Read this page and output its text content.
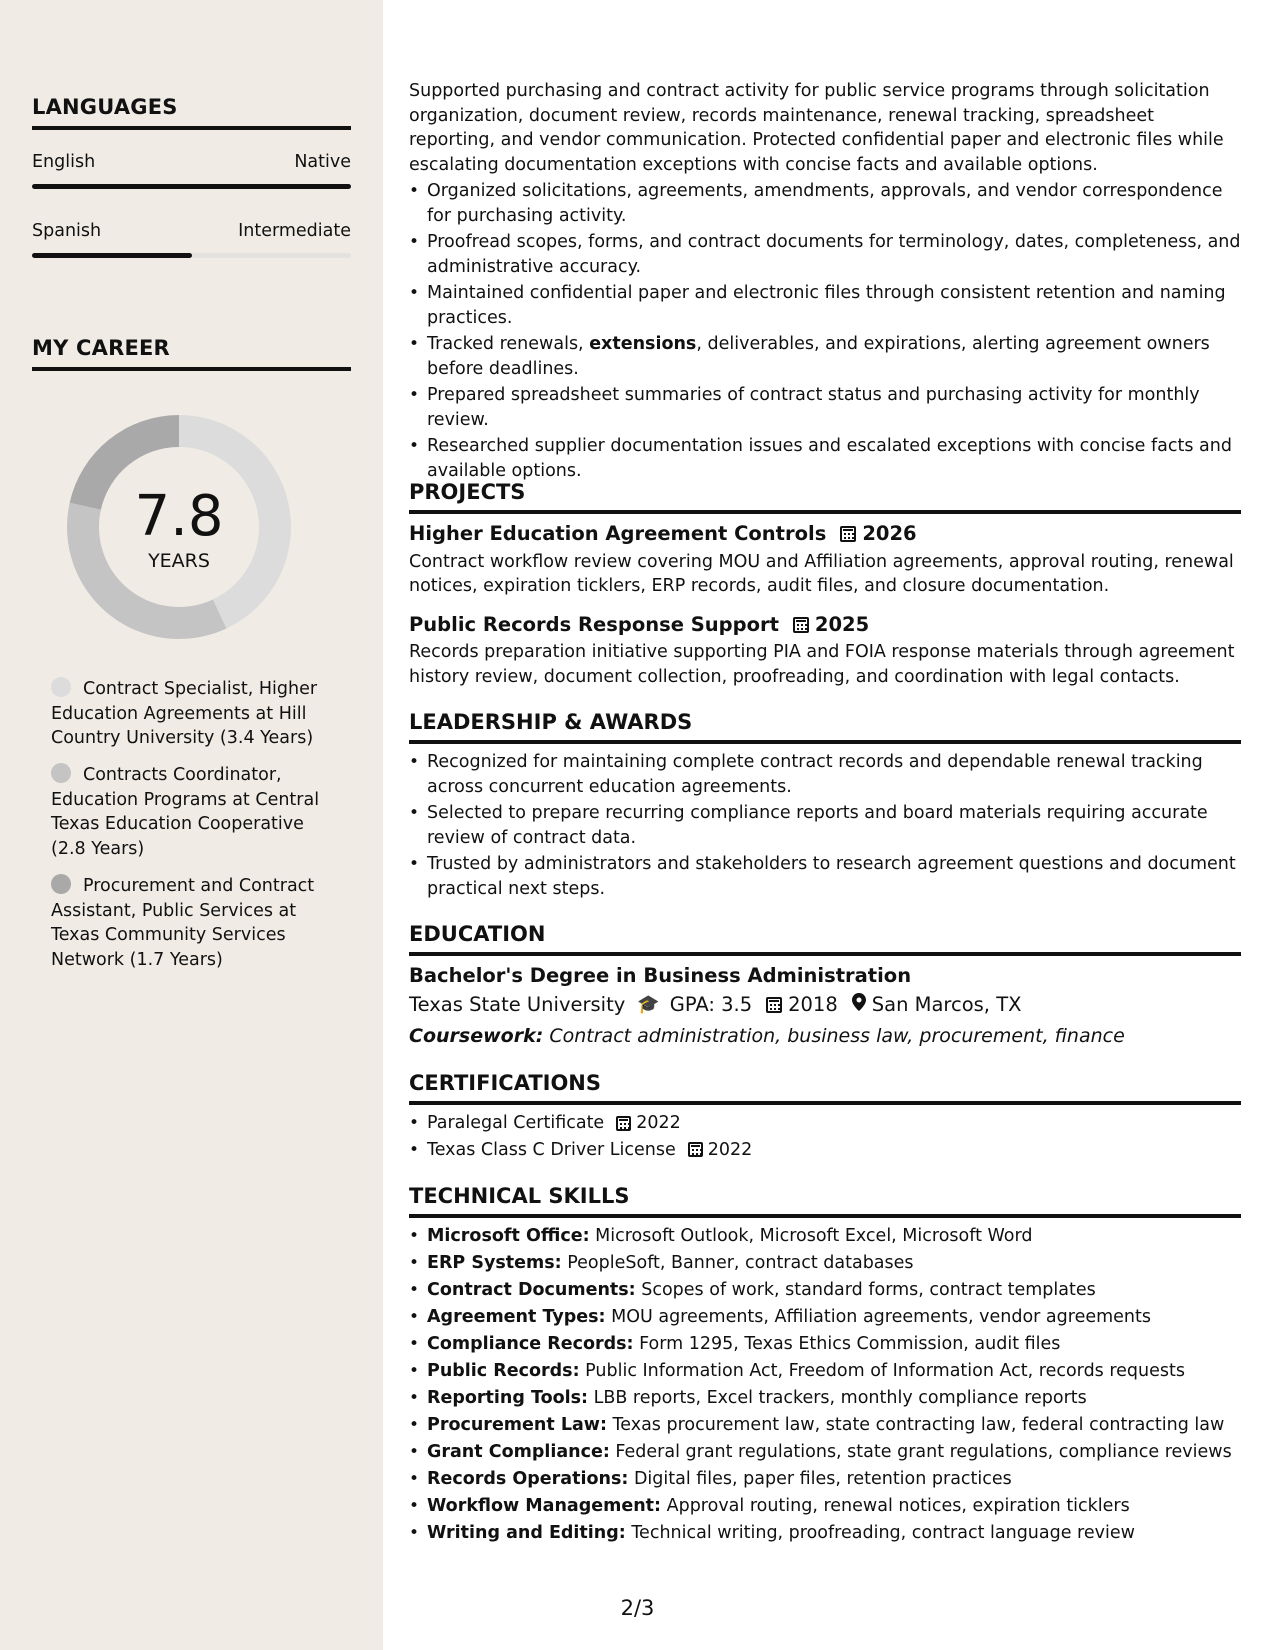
LANGUAGES
English	Native
Spanish	Intermediate
MY CAREER
7.8
YEARS
Contract Specialist, Higher Education Agreements at Hill Country University (3.4 Years)
Contracts Coordinator, Education Programs at Central Texas Education Cooperative (2.8 Years)
Procurement and Contract Assistant, Public Services at Texas Community Services Network (1.7 Years)

Supported purchasing and contract activity for public service programs through solicitation organization, document review, records maintenance, renewal tracking, spreadsheet reporting, and vendor communication. Protected confidential paper and electronic files while escalating documentation exceptions with concise facts and available options.

• Organized solicitations, agreements, amendments, approvals, and vendor correspondence for purchasing activity.
• Proofread scopes, forms, and contract documents for terminology, dates, completeness, and administrative accuracy.
• Maintained confidential paper and electronic files through consistent retention and naming practices.
• Tracked renewals, extensions, deliverables, and expirations, alerting agreement owners before deadlines.
• Prepared spreadsheet summaries of contract status and purchasing activity for monthly review.
• Researched supplier documentation issues and escalated exceptions with concise facts and available options.
PROJECTS
Higher Education Agreement Controls 2026

Contract workflow review covering MOU and Affiliation agreements, approval routing, renewal notices, expiration ticklers, ERP records, audit files, and closure documentation.

Public Records Response Support 2025

Records preparation initiative supporting PIA and FOIA response materials through agreement history review, document collection, proofreading, and coordination with legal contacts.

LEADERSHIP & AWARDS
• Recognized for maintaining complete contract records and dependable renewal tracking across concurrent education agreements.
• Selected to prepare recurring compliance reports and board materials requiring accurate review of contract data.
• Trusted by administrators and stakeholders to research agreement questions and document practical next steps.
EDUCATION
Bachelor's Degree in Business Administration
Texas State University 🎓 GPA: 3.5 2018 San Marcos, TX
Coursework: Contract administration, business law, procurement, finance
CERTIFICATIONS
• Paralegal Certificate 2022
• Texas Class C Driver License 2022
TECHNICAL SKILLS
• Microsoft Office: Microsoft Outlook, Microsoft Excel, Microsoft Word
• ERP Systems: PeopleSoft, Banner, contract databases
• Contract Documents: Scopes of work, standard forms, contract templates
• Agreement Types: MOU agreements, Affiliation agreements, vendor agreements
• Compliance Records: Form 1295, Texas Ethics Commission, audit files
• Public Records: Public Information Act, Freedom of Information Act, records requests
• Reporting Tools: LBB reports, Excel trackers, monthly compliance reports
• Procurement Law: Texas procurement law, state contracting law, federal contracting law
• Grant Compliance: Federal grant regulations, state grant regulations, compliance reviews
• Records Operations: Digital files, paper files, retention practices
• Workflow Management: Approval routing, renewal notices, expiration ticklers
• Writing and Editing: Technical writing, proofreading, contract language review
2/3
